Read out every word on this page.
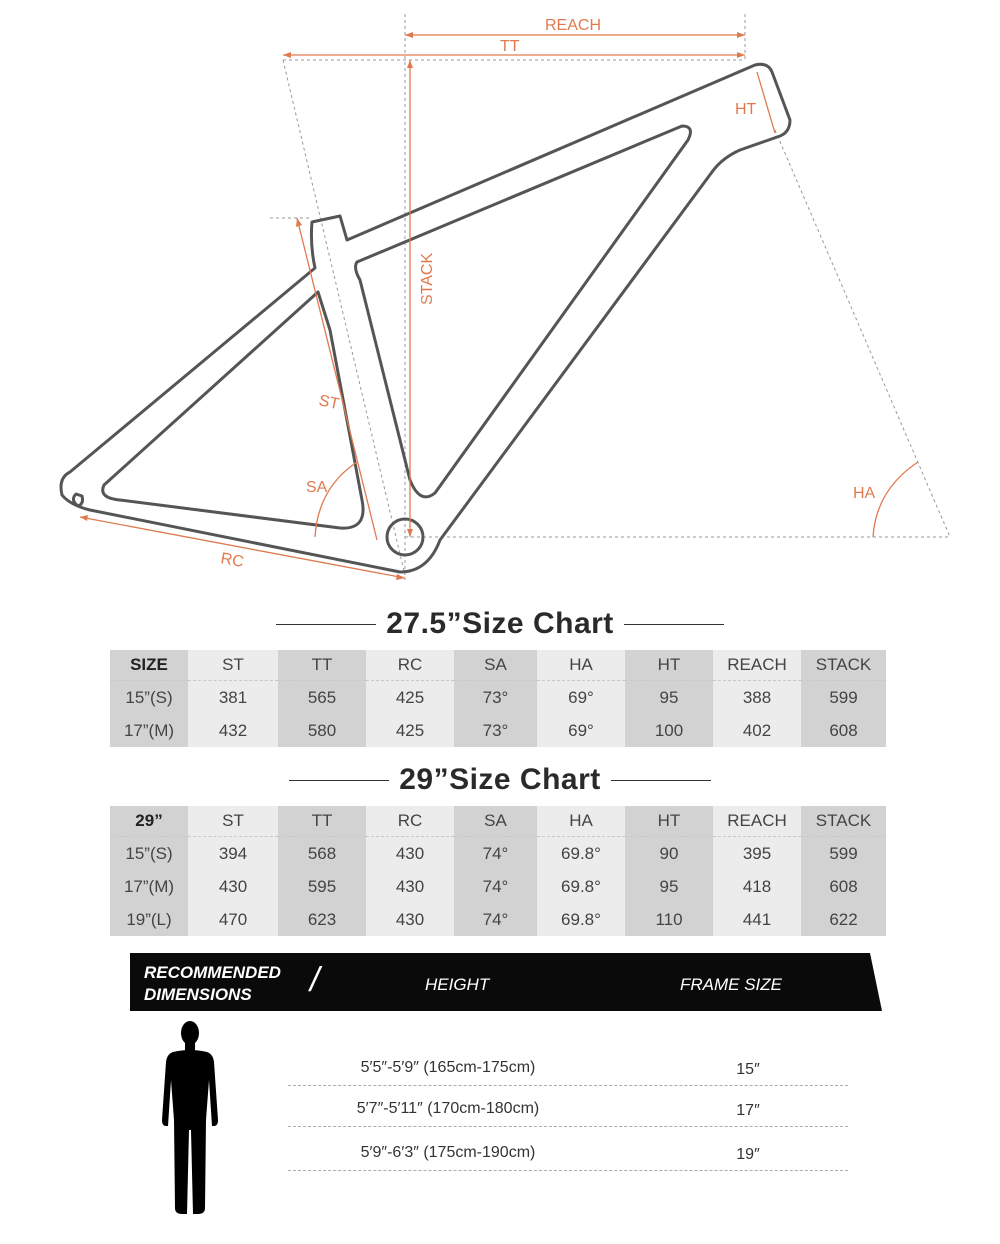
REACH
TT
HT
STACK
ST
SA
RC
HA
27.5”Size Chart
SIZE	ST	TT	RC	SA	HA	HT	REACH	STACK
15”(S)	381	565	425	73°	69°	95	388	599
17”(M)	432	580	425	73°	69°	100	402	608
29”Size Chart
29”	ST	TT	RC	SA	HA	HT	REACH	STACK
15”(S)	394	568	430	74°	69.8°	90	395	599
17”(M)	430	595	430	74°	69.8°	95	418	608
19”(L)	470	623	430	74°	69.8°	110	441	622
RECOMMENDED
DIMENSIONS	/	HEIGHT	FRAME SIZE
5′5″-5′9″ (165cm-175cm)	15″
5′7″-5′11″ (170cm-180cm)	17″
5′9″-6′3″ (175cm-190cm)	19″
